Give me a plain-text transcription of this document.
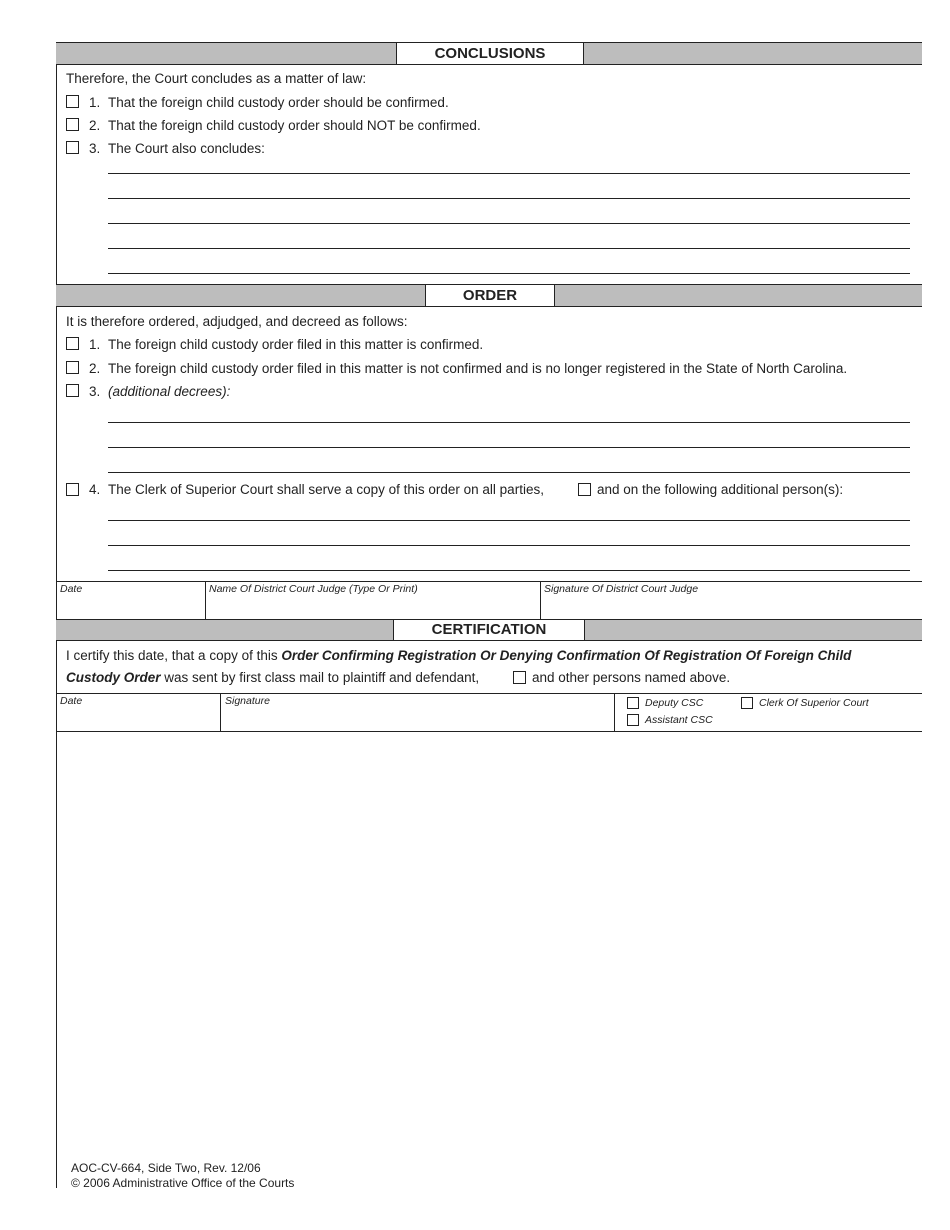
CONCLUSIONS
Therefore, the Court concludes as a matter of law:
1. That the foreign child custody order should be confirmed.
2. That the foreign child custody order should NOT be confirmed.
3. The Court also concludes:
ORDER
It is therefore ordered, adjudged, and decreed as follows:
1. The foreign child custody order filed in this matter is confirmed.
2. The foreign child custody order filed in this matter is not confirmed and is no longer registered in the State of North Carolina.
3. (additional decrees):
4. The Clerk of Superior Court shall serve a copy of this order on all parties,	and on the following additional person(s):
Date	Name Of District Court Judge (Type Or Print)	Signature Of District Court Judge
CERTIFICATION
I certify this date, that a copy of this Order Confirming Registration Or Denying Confirmation Of Registration Of Foreign Child
Custody Order was sent by first class mail to plaintiff and defendant,	and other persons named above.
Date	Signature	Deputy CSC	Clerk Of Superior Court
Assistant CSC
AOC-CV-664, Side Two, Rev. 12/06
© 2006 Administrative Office of the Courts
